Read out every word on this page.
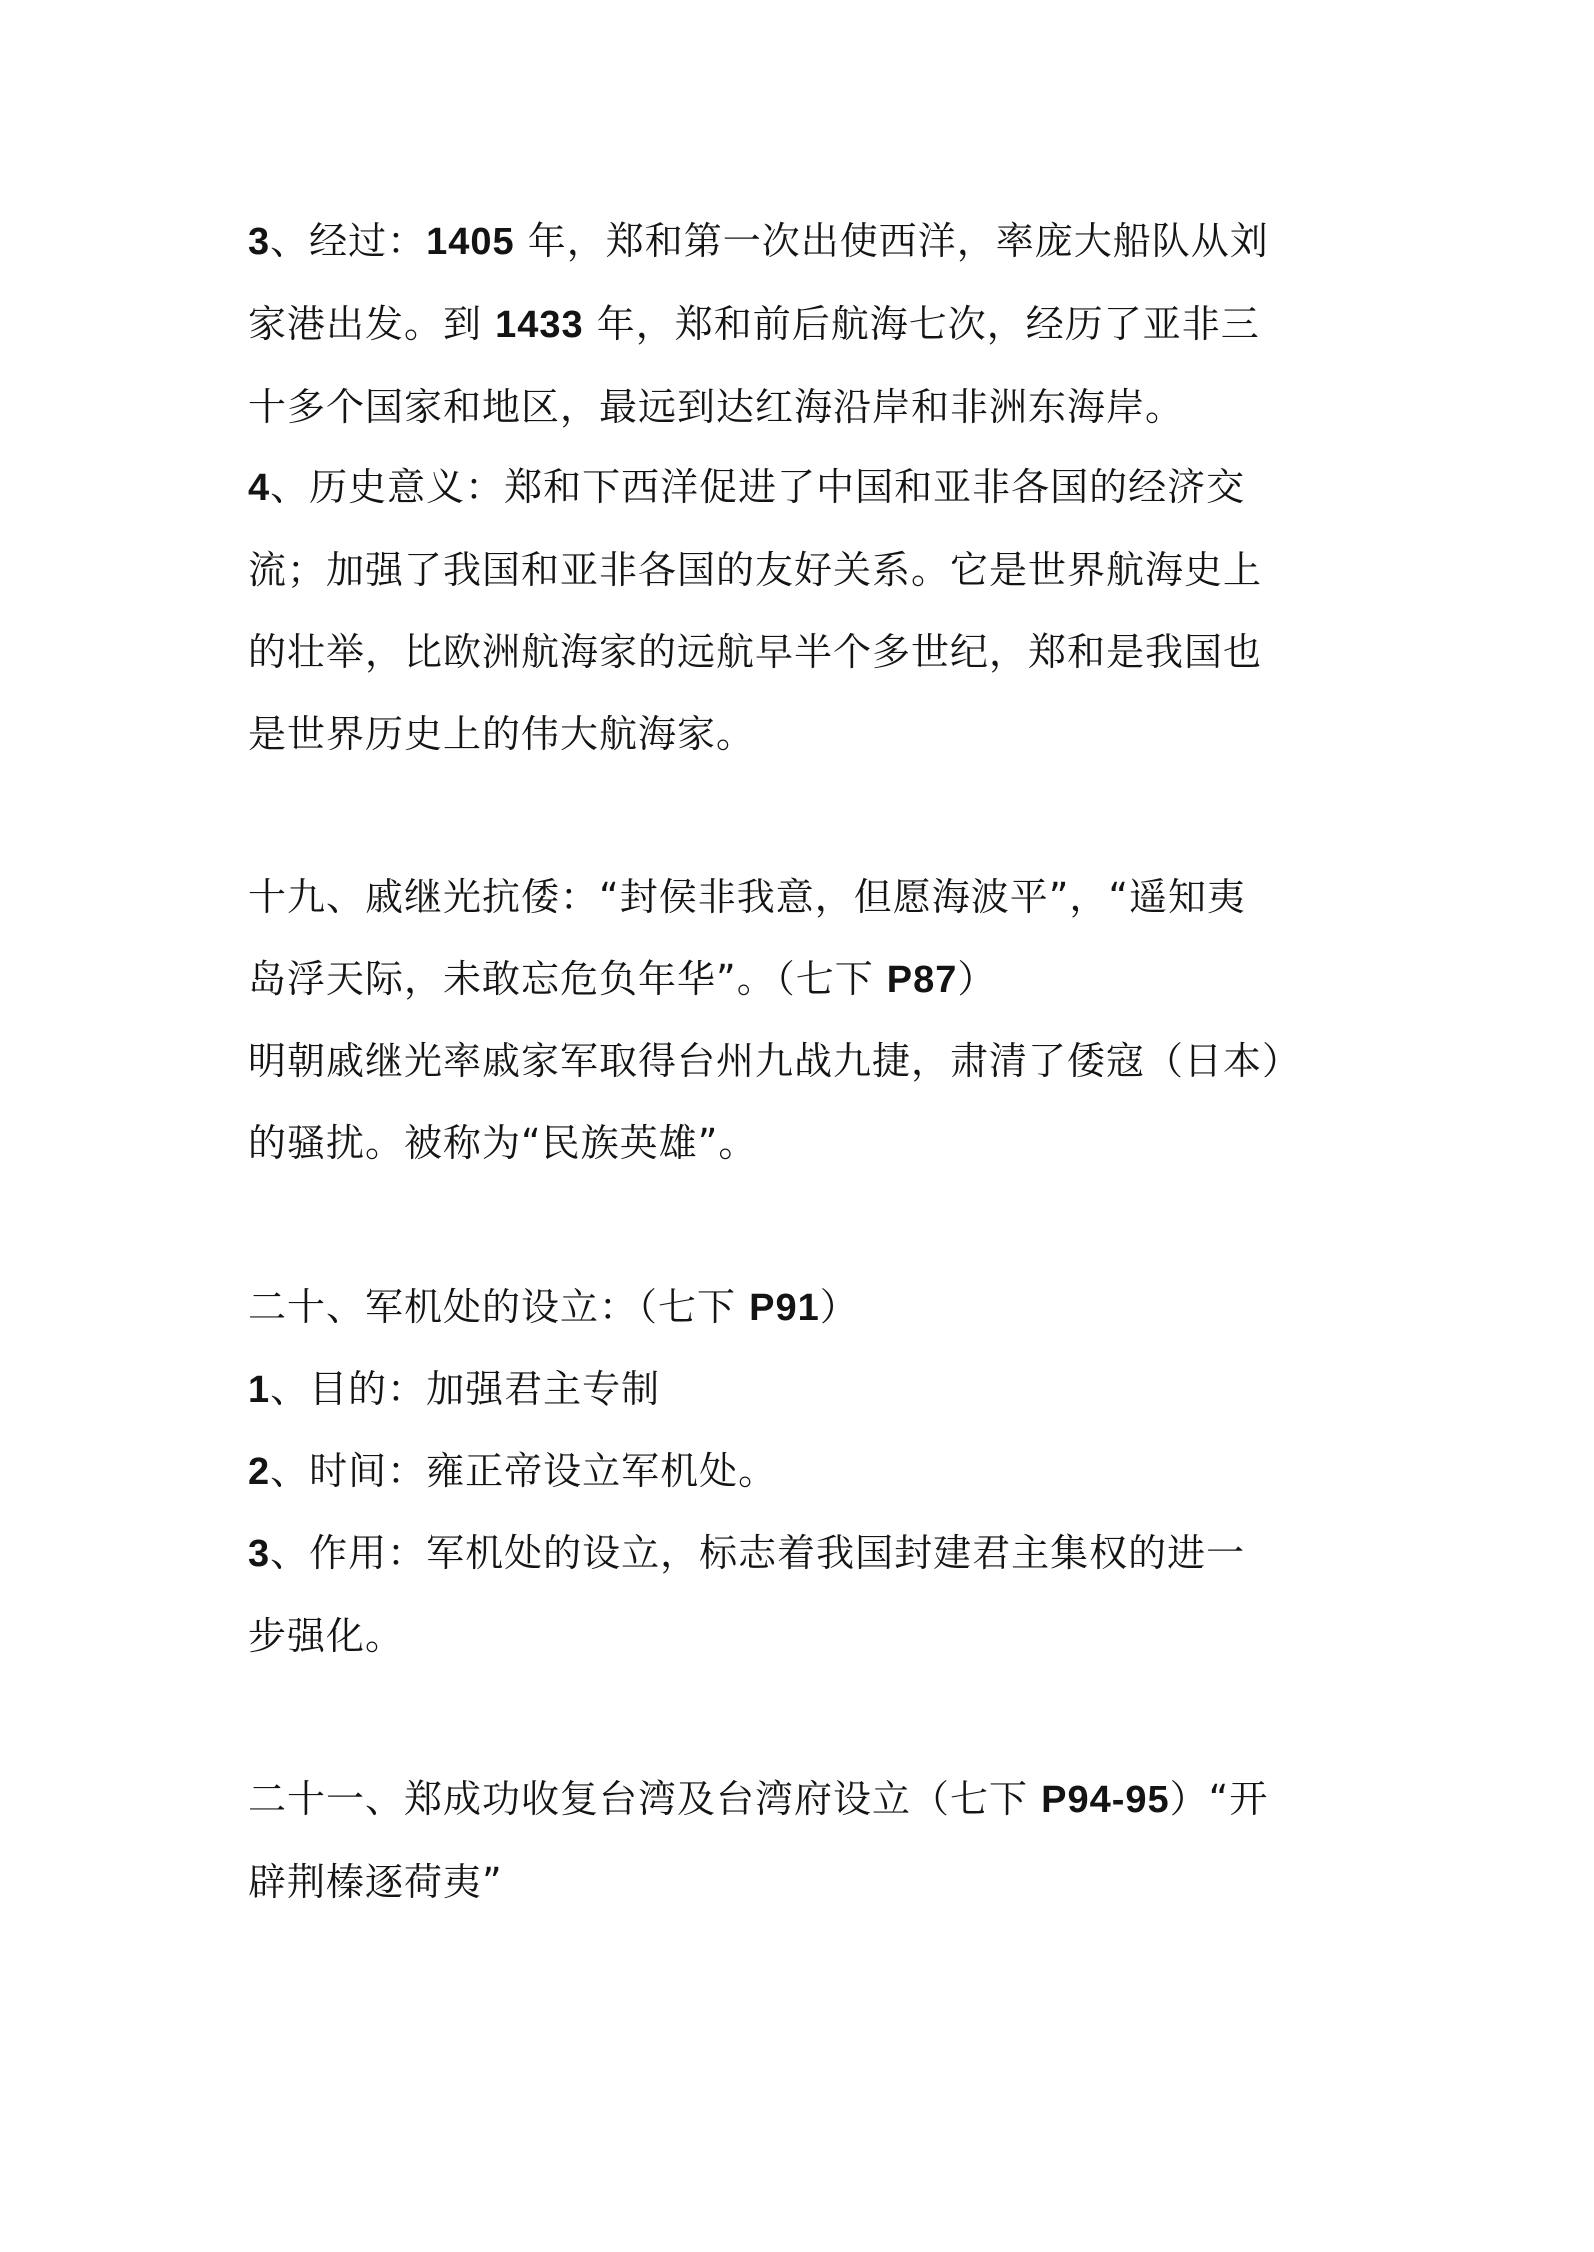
3、经过：1405 年，郑和第一次出使西洋，率庞大船队从刘
家港出发。到 1433 年，郑和前后航海七次，经历了亚非三
十多个国家和地区，最远到达红海沿岸和非洲东海岸。
4、历史意义：郑和下西洋促进了中国和亚非各国的经济交
流；加强了我国和亚非各国的友好关系。它是世界航海史上
的壮举，比欧洲航海家的远航早半个多世纪，郑和是我国也
是世界历史上的伟大航海家。
十九、戚继光抗倭：“封侯非我意，但愿海波平”，“遥知夷
岛浮天际，未敢忘危负年华”。（七下 P87）
明朝戚继光率戚家军取得台州九战九捷，肃清了倭寇（日本）
的骚扰。被称为“民族英雄”。
二十、军机处的设立：（七下 P91）
1、目的：加强君主专制
2、时间：雍正帝设立军机处。
3、作用：军机处的设立，标志着我国封建君主集权的进一
步强化。
二十一、郑成功收复台湾及台湾府设立（七下 P94-95）“开
辟荆榛逐荷夷”
